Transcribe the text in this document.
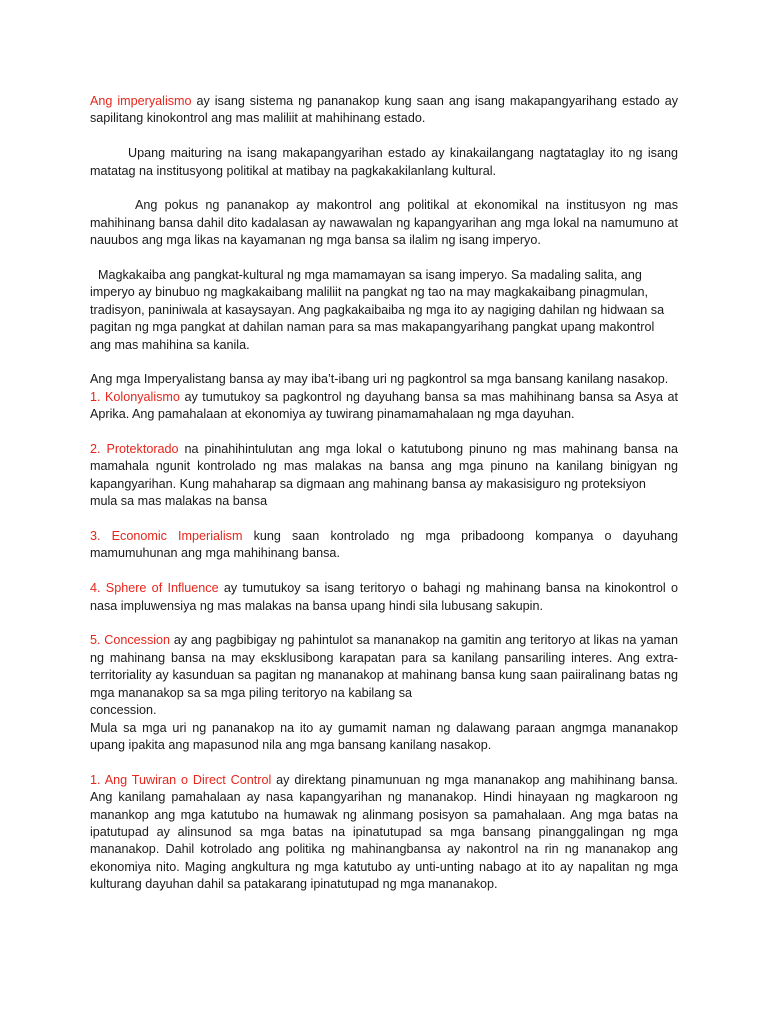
Ang imperyalismo ay isang sistema ng pananakop kung saan ang isang makapangyarihang estado ay sapilitang kinokontrol ang mas maliliit at mahihinang estado.

Upang maituring na isang makapangyarihan estado ay kinakailangang nagtataglay ito ng isang matatag na institusyong politikal at matibay na pagkakakilanlang kultural.

Ang pokus ng pananakop ay makontrol ang politikal at ekonomikal na institusyon ng mas mahihinang bansa dahil dito kadalasan ay nawawalan ng kapangyarihan ang mga lokal na namumuno at nauubos ang mga likas na kayamanan ng mga bansa sa ilalim ng isang imperyo.

Magkakaiba ang pangkat-kultural ng mga mamamayan sa isang imperyo. Sa madaling salita, ang imperyo ay binubuo ng magkakaibang maliliit na pangkat ng tao na may magkakaibang pinagmulan, tradisyon, paniniwala at kasaysayan. Ang pagkakaibaiba ng mga ito ay nagiging dahilan ng hidwaan sa pagitan ng mga pangkat at dahilan naman para sa mas makapangyarihang pangkat upang makontrol ang mas mahihina sa kanila.

Ang mga Imperyalistang bansa ay may iba’t-ibang uri ng pagkontrol sa mga bansang kanilang nasakop.

1. Kolonyalismo ay tumutukoy sa pagkontrol ng dayuhang bansa sa mas mahihinang bansa sa Asya at Aprika. Ang pamahalaan at ekonomiya ay tuwirang pinamamahalaan ng mga dayuhan.

2. Protektorado na pinahihintulutan ang mga lokal o katutubong pinuno ng mas mahinang bansa na mamahala ngunit kontrolado ng mas malakas na bansa ang mga pinuno na kanilang binigyan ng kapangyarihan. Kung mahaharap sa digmaan ang mahinang bansa ay makasisiguro ng proteksiyon

mula sa mas malakas na bansa

3. Economic Imperialism kung saan kontrolado ng mga pribadoong kompanya o dayuhang mamumuhunan ang mga mahihinang bansa.

4. Sphere of Influence ay tumutukoy sa isang teritoryo o bahagi ng mahinang bansa na kinokontrol o nasa impluwensiya ng mas malakas na bansa upang hindi sila lubusang sakupin.

5. Concession ay ang pagbibigay ng pahintulot sa mananakop na gamitin ang teritoryo at likas na yaman ng mahinang bansa na may eksklusibong karapatan para sa kanilang pansariling interes. Ang extra-territoriality ay kasunduan sa pagitan ng mananakop at mahinang bansa kung saan paiiralinang batas ng mga mananakop sa sa mga piling teritoryo na kabilang sa

concession.

Mula sa mga uri ng pananakop na ito ay gumamit naman ng dalawang paraan angmga mananakop upang ipakita ang mapasunod nila ang mga bansang kanilang nasakop.

1. Ang Tuwiran o Direct Control ay direktang pinamunuan ng mga mananakop ang mahihinang bansa. Ang kanilang pamahalaan ay nasa kapangyarihan ng mananakop. Hindi hinayaan ng magkaroon ng manankop ang mga katutubo na humawak ng alinmang posisyon sa pamahalaan. Ang mga batas na ipatutupad ay alinsunod sa mga batas na ipinatutupad sa mga bansang pinanggalingan ng mga mananakop. Dahil kotrolado ang politika ng mahinangbansa ay nakontrol na rin ng mananakop ang ekonomiya nito. Maging angkultura ng mga katutubo ay unti-unting nabago at ito ay napalitan ng mga kulturang dayuhan dahil sa patakarang ipinatutupad ng mga mananakop.
